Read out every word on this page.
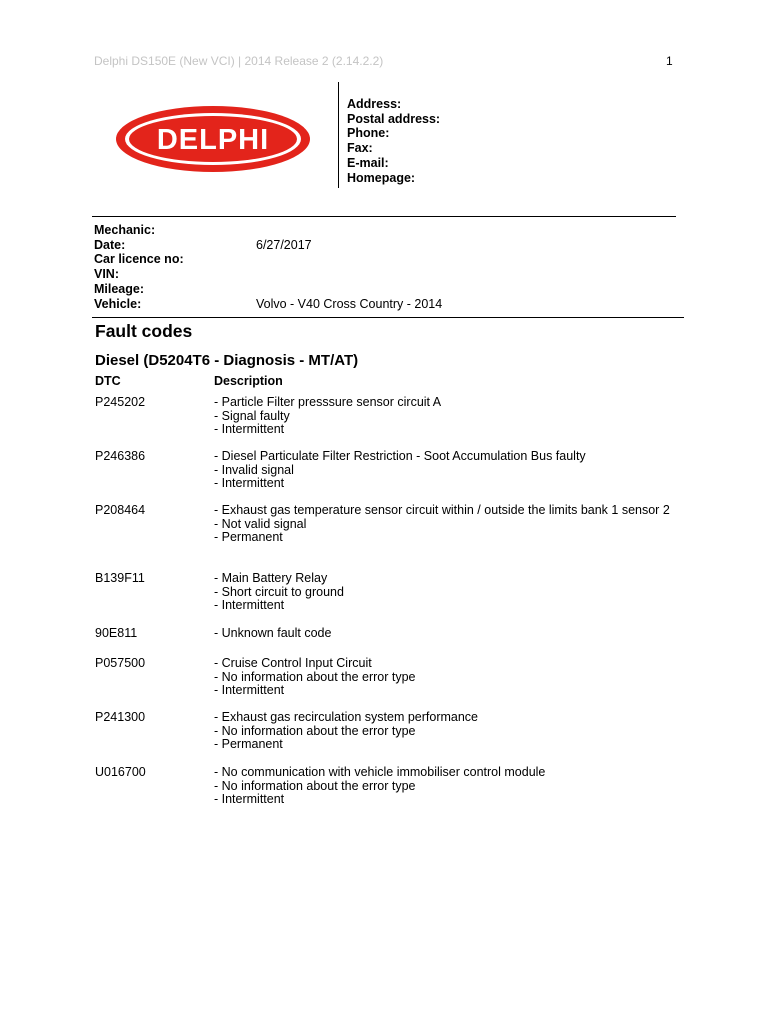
Delphi DS150E (New VCI) | 2014 Release 2 (2.14.2.2)	1
DELPHI
Address:
Postal address:
Phone:
Fax:
E-mail:
Homepage:
Mechanic:
Date:	6/27/2017
Car licence no:
VIN:
Mileage:
Vehicle:	Volvo - V40 Cross Country - 2014
Fault codes
Diesel (D5204T6 - Diagnosis - MT/AT)
DTC	Description
P245202	- Particle Filter presssure sensor circuit A
- Signal faulty
- Intermittent
P246386	- Diesel Particulate Filter Restriction - Soot Accumulation Bus faulty
- Invalid signal
- Intermittent
P208464	- Exhaust gas temperature sensor circuit within / outside the limits bank 1 sensor 2
- Not valid signal
- Permanent
B139F11	- Main Battery Relay
- Short circuit to ground
- Intermittent
90E811	- Unknown fault code
P057500	- Cruise Control Input Circuit
- No information about the error type
- Intermittent
P241300	- Exhaust gas recirculation system performance
- No information about the error type
- Permanent
U016700	- No communication with vehicle immobiliser control module
- No information about the error type
- Intermittent
